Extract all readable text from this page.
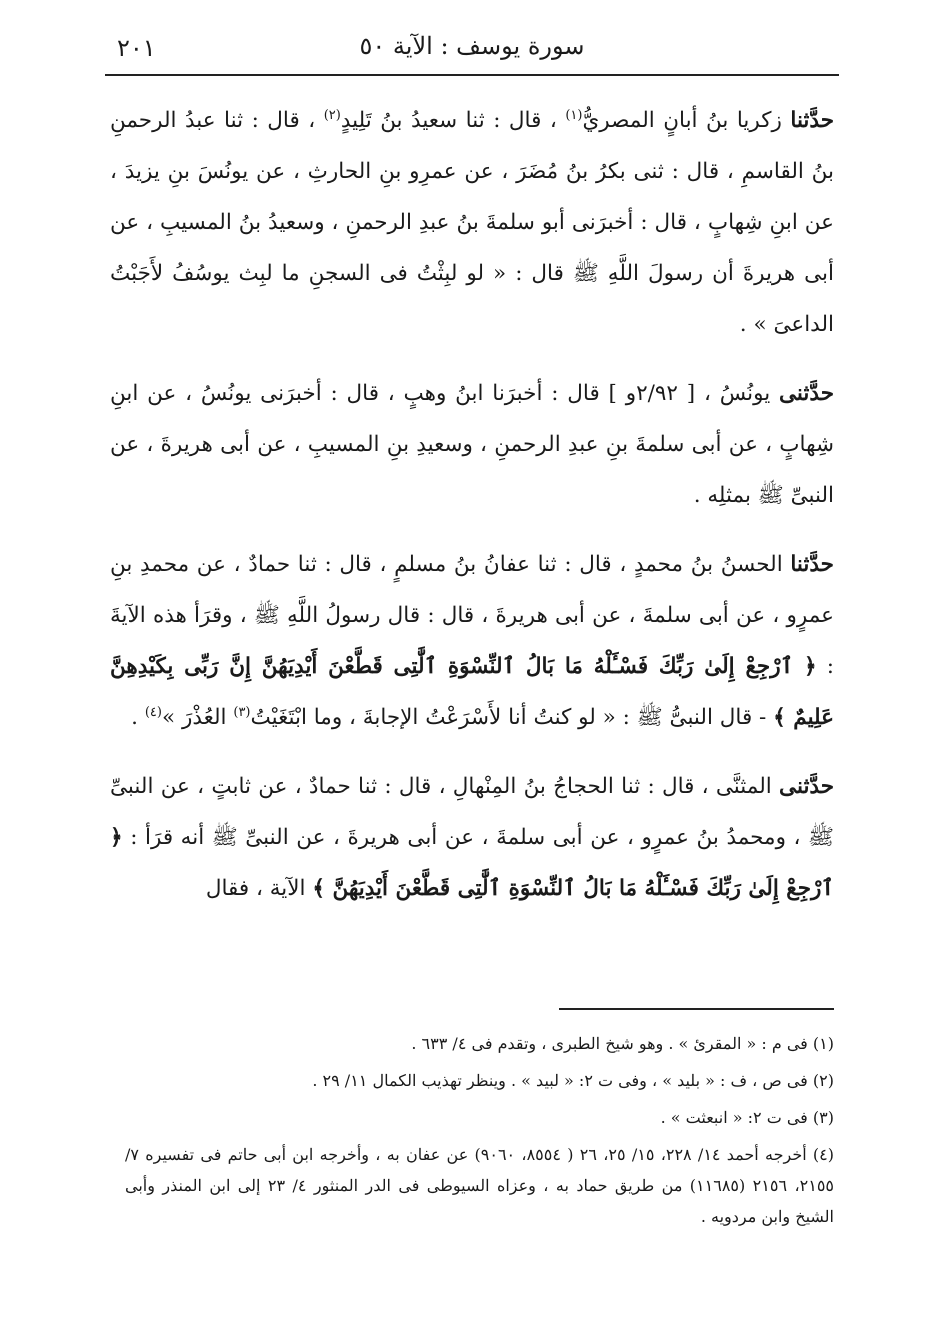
٢٠١	سورة يوسف : الآية ٥٠

حدَّثنا زكريا بنُ أبانٍ المصريُّ$^{(١)}$ ، قال : ثنا سعيدُ بنُ تَلِيدٍ$^{(٢)}$ ، قال : ثنا عبدُ الرحمنِ بنُ القاسمِ ، قال : ثنى بكرُ بنُ مُضَرَ ، عن عمرِو بنِ الحارثِ ، عن يونُسَ بنِ يزيدَ ، عن ابنِ شِهابٍ ، قال : أخبرَنى أبو سلمةَ بنُ عبدِ الرحمنِ ، وسعيدُ بنُ المسيبِ ، عن أبى هريرةَ أن رسولَ اللَّهِ ﷺ قال : « لو لبِثْتُ فى السجنِ ما لبِث يوسُفُ لأَجَبْتُ الداعىَ » .

حدَّثنى يونُسُ ، [ ٢/٩٢و ] قال : أخبرَنا ابنُ وهبٍ ، قال : أخبرَنى يونُسُ ، عن ابنِ شِهابٍ ، عن أبى سلمةَ بنِ عبدِ الرحمنِ ، وسعيدِ بنِ المسيبِ ، عن أبى هريرةَ ، عن النبىِّ ﷺ بمثلِه .

حدَّثنا الحسنُ بنُ محمدٍ ، قال : ثنا عفانُ بنُ مسلمٍ ، قال : ثنا حمادٌ ، عن محمدِ بنِ عمرٍو ، عن أبى سلمةَ ، عن أبى هريرةَ ، قال : قال رسولُ اللَّهِ ﷺ ، وقرَأ هذه الآيةَ : ﴿ ٱرْجِعْ إِلَىٰ رَبِّكَ فَسْـَٔلْهُ مَا بَالُ ٱلنِّسْوَةِ ٱلَّٰتِى قَطَّعْنَ أَيْدِيَهُنَّ إِنَّ رَبِّى بِكَيْدِهِنَّ عَلِيمٌ ﴾ - قال النبىُّ ﷺ : « لو كنتُ أنا لأَسْرَعْتُ الإجابةَ ، وما ابْتَغَيْتُ$^{(٣)}$ العُذْرَ »$^{(٤)}$ .

حدَّثنى المثنَّى ، قال : ثنا الحجاجُ بنُ المِنْهالِ ، قال : ثنا حمادٌ ، عن ثابتٍ ، عن النبىِّ ﷺ ، ومحمدُ بنُ عمرٍو ، عن أبى سلمةَ ، عن أبى هريرةَ ، عن النبىِّ ﷺ أنه قرَأ : ﴿ ٱرْجِعْ إِلَىٰ رَبِّكَ فَسْـَٔلْهُ مَا بَالُ ٱلنِّسْوَةِ ٱلَّٰتِى قَطَّعْنَ أَيْدِيَهُنَّ ﴾ الآية ، فقال

(١) فى م : « المقرئ » . وهو شيخ الطبرى ، وتقدم فى ٤/ ٦٣٣ .
(٢) فى ص ، ف : « بليد » ، وفى ت ٢: « لبيد » . وينظر تهذيب الكمال ١١/ ٢٩ .
(٣) فى ت ٢: « انبعثت » .
(٤) أخرجه أحمد ١٤/ ٢٢٨، ١٥/ ٢٥، ٢٦ ( ٨٥٥٤، ٩٠٦٠) عن عفان به ، وأخرجه ابن أبى حاتم فى تفسيره ٧/ ٢١٥٥، ٢١٥٦ (١١٦٨٥) من طريق حماد به ، وعزاه السيوطى فى الدر المنثور ٤/ ٢٣ إلى ابن المنذر وأبى الشيخ وابن مردويه .
